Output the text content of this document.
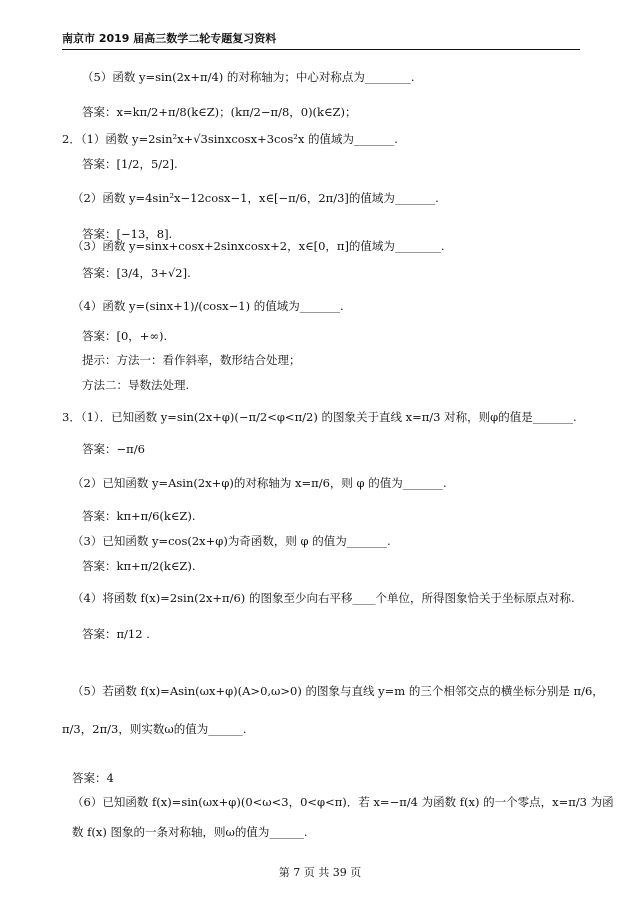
南京市 2019 届高三数学二轮专题复习资料
（5）函数 y=sin(2x+π/4) 的对称轴为；中心对称点为________.
答案：x=kπ/2+π/8(k∈Z)；(kπ/2−π/8，0)(k∈Z)；
2．（1）函数 y=2sin²x+√3sinxcosx+3cos²x 的值域为_______.
答案：[1/2，5/2].
（2）函数 y=4sin²x−12cosx−1，x∈[−π/6，2π/3]的值域为_______.
答案：[−13，8].
（3）函数 y=sinx+cosx+2sinxcosx+2，x∈[0，π]的值域为________.
答案：[3/4，3+√2].
（4）函数 y=(sinx+1)/(cosx−1) 的值域为_______.
答案：[0，+∞).
提示：方法一：看作斜率，数形结合处理；
方法二：导数法处理.
3．（1）．已知函数 y=sin(2x+φ)(−π/2<φ<π/2) 的图象关于直线 x=π/3 对称，则φ的值是_______.
答案：−π/6
（2）已知函数 y=Asin(2x+φ)的对称轴为 x=π/6，则 φ 的值为_______.
答案：kπ+π/6(k∈Z).
（3）已知函数 y=cos(2x+φ)为奇函数，则 φ 的值为_______.
答案：kπ+π/2(k∈Z).
（4）将函数 f(x)=2sin(2x+π/6) 的图象至少向右平移____个单位，所得图象恰关于坐标原点对称.
答案：π/12 .
（5）若函数 f(x)=Asin(ωx+φ)(A>0,ω>0) 的图象与直线 y=m 的三个相邻交点的横坐标分别是 π/6，
π/3，2π/3，则实数ω的值为______.
答案：4
（6）已知函数 f(x)=sin(ωx+φ)(0<ω<3，0<φ<π)．若 x=−π/4 为函数 f(x) 的一个零点，x=π/3 为函
数 f(x) 图象的一条对称轴，则ω的值为______.
第 7 页 共 39 页
